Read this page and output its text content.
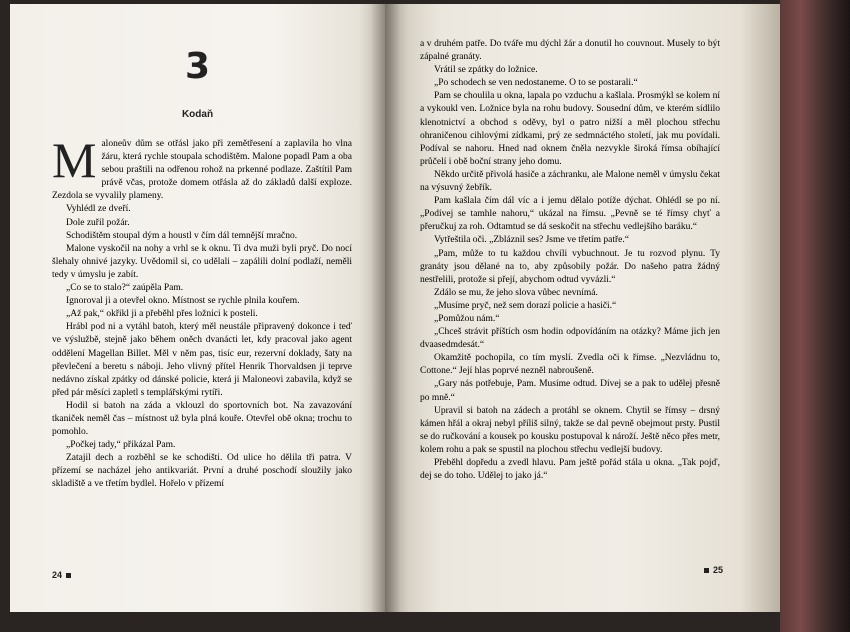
3
Kodaň

Maloneův dům se otřásl jako při zemětřesení a zaplavila ho vlna žáru, která rychle stoupala schodištěm. Malone popadl Pam a oba sebou praštili na odřenou rohož na prkenné podlaze. Zaštítil Pam právě včas, protože domem otřásla až do základů další exploze. Zezdola se vyvalily plameny.

Vyhlédl ze dveří.

Dole zuřil požár.

Schodištěm stoupal dým a houstl v čím dál temnější mračno.

Malone vyskočil na nohy a vrhl se k oknu. Ti dva muži byli pryč. Do nocí šlehaly ohnivé jazyky. Uvědomil si, co udělali – zapálili dolní podlaží, neměli tedy v úmyslu je zabít.

„Co se to stalo?“ zaúpěla Pam.

Ignoroval ji a otevřel okno. Místnost se rychle plnila kouřem.

„Až pak,“ okřikl ji a přeběhl přes ložnici k posteli.

Hrábl pod ni a vytáhl batoh, který měl neustále připravený dokonce i teď ve výslužbě, stejně jako během oněch dvanácti let, kdy pracoval jako agent oddělení Magellan Billet. Měl v něm pas, tisíc eur, rezervní doklady, šaty na převlečení a beretu s náboji. Jeho vlivný přítel Henrik Thorvaldsen ji teprve nedávno získal zpátky od dánské policie, která ji Maloneovi zabavila, když se před pár měsíci zapletl s templářskými rytíři.

Hodil si batoh na záda a vklouzl do sportovních bot. Na zavazování tkaniček neměl čas – místnost už byla plná kouře. Otevřel obě okna; trochu to pomohlo.

„Počkej tady,“ přikázal Pam.

Zatajil dech a rozběhl se ke schodišti. Od ulice ho dělila tři patra. V přízemí se nacházel jeho antikvariát. První a druhé poschodí sloužily jako skladiště a ve třetím bydlel. Hořelo v přízemí

24

a v druhém patře. Do tváře mu dýchl žár a donutil ho couvnout. Musely to být zápalné granáty.

Vrátil se zpátky do ložnice.

„Po schodech se ven nedostaneme. O to se postarali.“

Pam se choulila u okna, lapala po vzduchu a kašlala. Prosmýkl se kolem ní a vykoukl ven. Ložnice byla na rohu budovy. Sousední dům, ve kterém sídlilo klenotnictví a obchod s oděvy, byl o patro nižší a měl plochou střechu ohraničenou cihlovými zídkami, prý ze sedmnáctého století, jak mu povídali. Podíval se nahoru. Hned nad oknem čněla nezvykle široká římsa obíhající průčelí i obě boční strany jeho domu.

Někdo určitě přivolá hasiče a záchranku, ale Malone neměl v úmyslu čekat na výsuvný žebřík.

Pam kašlala čím dál víc a i jemu dělalo potíže dýchat. Ohlédl se po ní. „Podívej se tamhle nahoru,“ ukázal na římsu. „Pevně se té římsy chyť a přeručkuj za roh. Odtamtud se dá seskočit na střechu vedlejšího baráku.“

Vytřeštila oči. „Zbláznil ses? Jsme ve třetím patře.“

„Pam, může to tu každou chvíli vybuchnout. Je tu rozvod plynu. Ty granáty jsou dělané na to, aby způsobily požár. Do našeho patra žádný nestřelili, protože si přejí, abychom odtud vyvázli.“

Zdálo se mu, že jeho slova vůbec nevnímá.

„Musíme pryč, než sem dorazí policie a hasiči.“

„Pomůžou nám.“

„Chceš strávit příštích osm hodin odpovídáním na otázky? Máme jich jen dvaasedmdesát.“

Okamžitě pochopila, co tím myslí. Zvedla oči k římse. „Nezvládnu to, Cottone.“ Její hlas poprvé nezněl nabroušeně.

„Gary nás potřebuje, Pam. Musíme odtud. Dívej se a pak to udělej přesně po mně.“

Upravil si batoh na zádech a protáhl se oknem. Chytil se římsy – drsný kámen hřál a okraj nebyl příliš silný, takže se dal pevně obejmout prsty. Pustil se do ručkování a kousek po kousku postupoval k nároží. Ještě něco přes metr, kolem rohu a pak se spustil na plochou střechu vedlejší budovy.

Přeběhl dopředu a zvedl hlavu. Pam ještě pořád stála u okna. „Tak pojď, dej se do toho. Udělej to jako já.“

25
